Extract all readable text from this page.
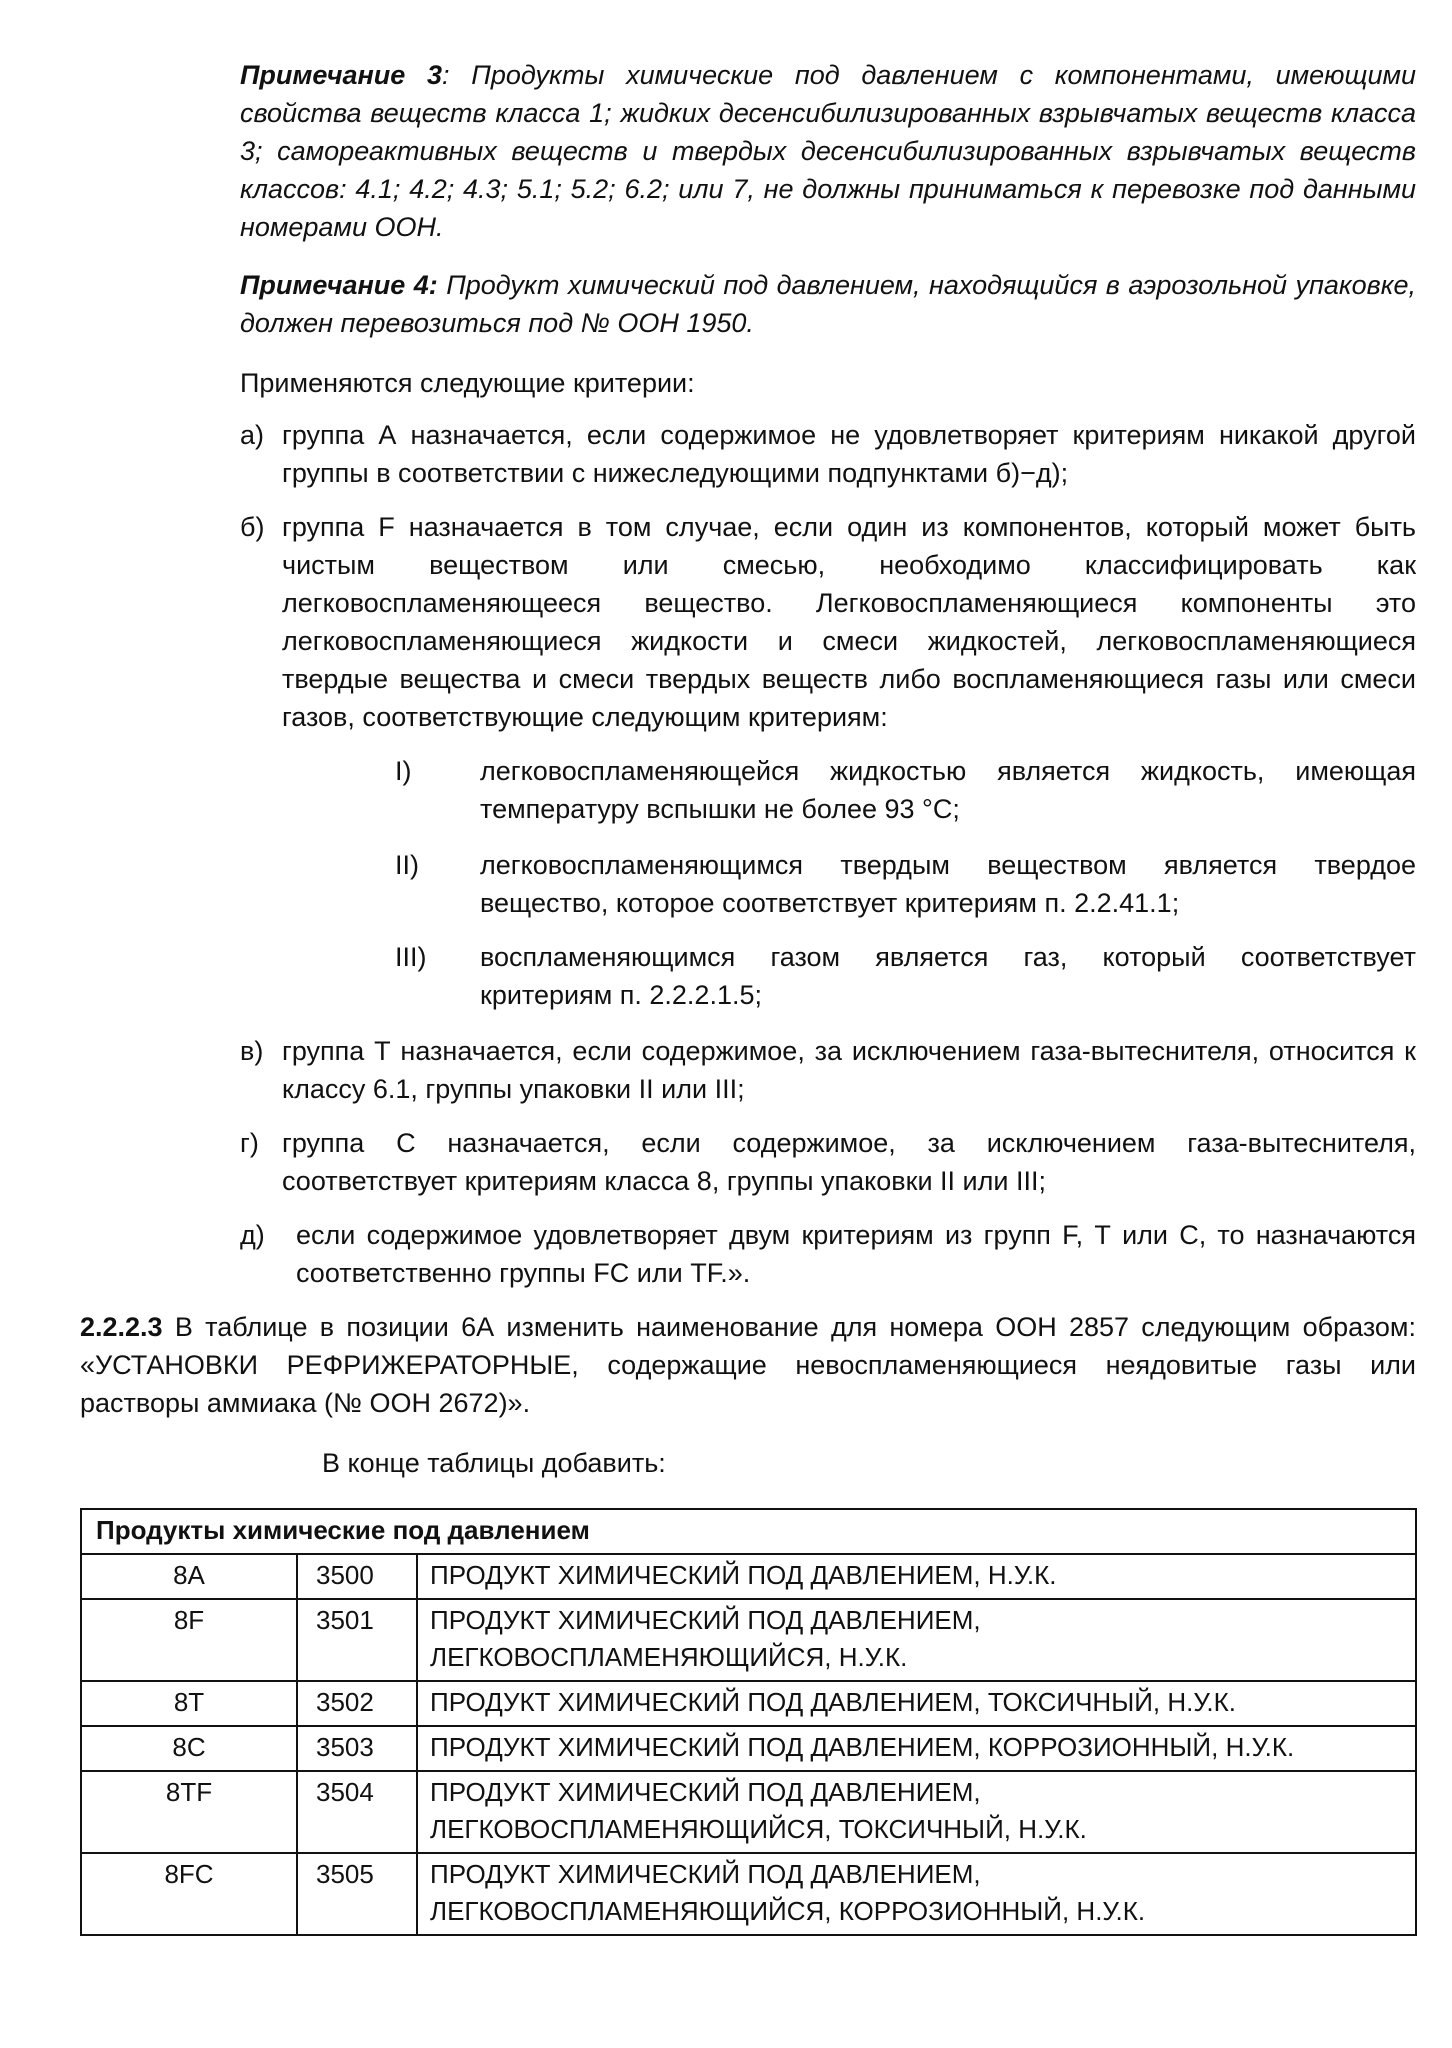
Примечание 3: Продукты химические под давлением с компонентами, имеющими свойства веществ класса 1; жидких десенсибилизированных взрывчатых веществ класса 3; самореактивных веществ и твердых десенсибилизированных взрывчатых веществ классов: 4.1; 4.2; 4.3; 5.1; 5.2; 6.2; или 7, не должны приниматься к перевозке под данными номерами ООН.
Примечание 4: Продукт химический под давлением, находящийся в аэрозольной упаковке, должен перевозиться под № ООН 1950.
Применяются следующие критерии:
а) группа А назначается, если содержимое не удовлетворяет критериям никакой другой группы в соответствии с нижеследующими подпунктами б)−д);
б) группа F назначается в том случае, если один из компонентов, который может быть чистым веществом или смесью, необходимо классифицировать как легковоспламеняющееся вещество. Легковоспламеняющиеся компоненты это легковоспламеняющиеся жидкости и смеси жидкостей, легковоспламеняющиеся твердые вещества и смеси твердых веществ либо воспламеняющиеся газы или смеси газов, соответствующие следующим критериям:
I)	легковоспламеняющейся жидкостью является жидкость, имеющая температуру вспышки не более 93 °С;
II) легковоспламеняющимся твердым веществом является твердое вещество, которое соответствует критериям п. 2.2.41.1;
III) воспламеняющимся газом является газ, который соответствует критериям п. 2.2.2.1.5;
в) группа Т назначается, если содержимое, за исключением газа-вытеснителя, относится к классу 6.1, группы упаковки II или III;
г) группа С назначается, если содержимое, за исключением газа-вытеснителя, соответствует критериям класса 8, группы упаковки II или III;
д) если содержимое удовлетворяет двум критериям из групп F, Т или С, то назначаются соответственно группы FC или TF.».
2.2.2.3 В таблице в позиции 6А изменить наименование для номера ООН 2857 следующим образом: «УСТАНОВКИ РЕФРИЖЕРАТОРНЫЕ, содержащие невоспламеняющиеся неядовитые газы или растворы аммиака (№ ООН 2672)».
В конце таблицы добавить:
Продукты химические под давлением		
8A	3500	ПРОДУКТ ХИМИЧЕСКИЙ ПОД ДАВЛЕНИЕМ, Н.У.К.
8F	3501	ПРОДУКТ ХИМИЧЕСКИЙ ПОД ДАВЛЕНИЕМ, ЛЕГКОВОСПЛАМЕНЯЮЩИЙСЯ, Н.У.К.
8T	3502	ПРОДУКТ ХИМИЧЕСКИЙ ПОД ДАВЛЕНИЕМ, ТОКСИЧНЫЙ, Н.У.К.
8C	3503	ПРОДУКТ ХИМИЧЕСКИЙ ПОД ДАВЛЕНИЕМ, КОРРОЗИОННЫЙ, Н.У.К.
8TF	3504	ПРОДУКТ ХИМИЧЕСКИЙ ПОД ДАВЛЕНИЕМ, ЛЕГКОВОСПЛАМЕНЯЮЩИЙСЯ, ТОКСИЧНЫЙ, Н.У.К.
8FC	3505	ПРОДУКТ ХИМИЧЕСКИЙ ПОД ДАВЛЕНИЕМ, ЛЕГКОВОСПЛАМЕНЯЮЩИЙСЯ, КОРРОЗИОННЫЙ, Н.У.К.
